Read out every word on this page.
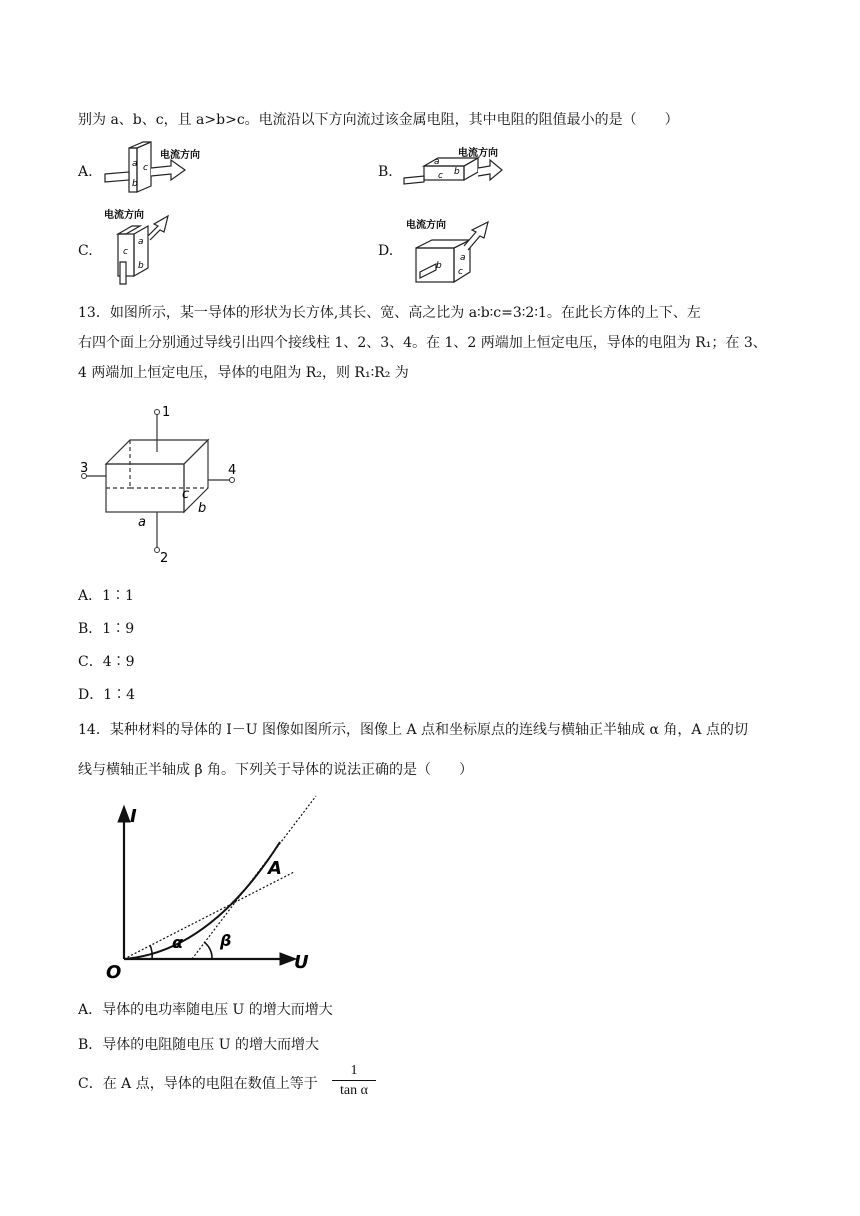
别为 a、b、c，且 a>b>c。电流沿以下方向流过该金属电阻，其中电阻的阻值最小的是（　　）
A.	a c
b
电流方向
B.
a
b
c
电流方向
C.	c
a
b
电流方向
D.
b
a
c
电流方向
13．如图所示，某一导体的形状为长方体,其长、宽、高之比为 a∶b∶c=3∶2∶1。在此长方体的上下、左
右四个面上分别通过导线引出四个接线柱 1、2、3、4。在 1、2 两端加上恒定电压，导体的电阻为 R₁；在 3、
4 两端加上恒定电压，导体的电阻为 R₂，则 R₁∶R₂ 为
1
2
3	4
a
b
c
A．1∶1
B．1∶9
C．4∶9
D．1∶4
14．某种材料的导体的 I－U 图像如图所示，图像上 A 点和坐标原点的连线与横轴正半轴成 α 角，A 点的切
线与横轴正半轴成 β 角。下列关于导体的说法正确的是（　　）
I
U
O
A
α β
A．导体的电功率随电压 U 的增大而增大
B．导体的电阻随电压 U 的增大而增大
C．在 A 点，导体的电阻在数值上等于 $\frac{1}{\text{tan α}}$
